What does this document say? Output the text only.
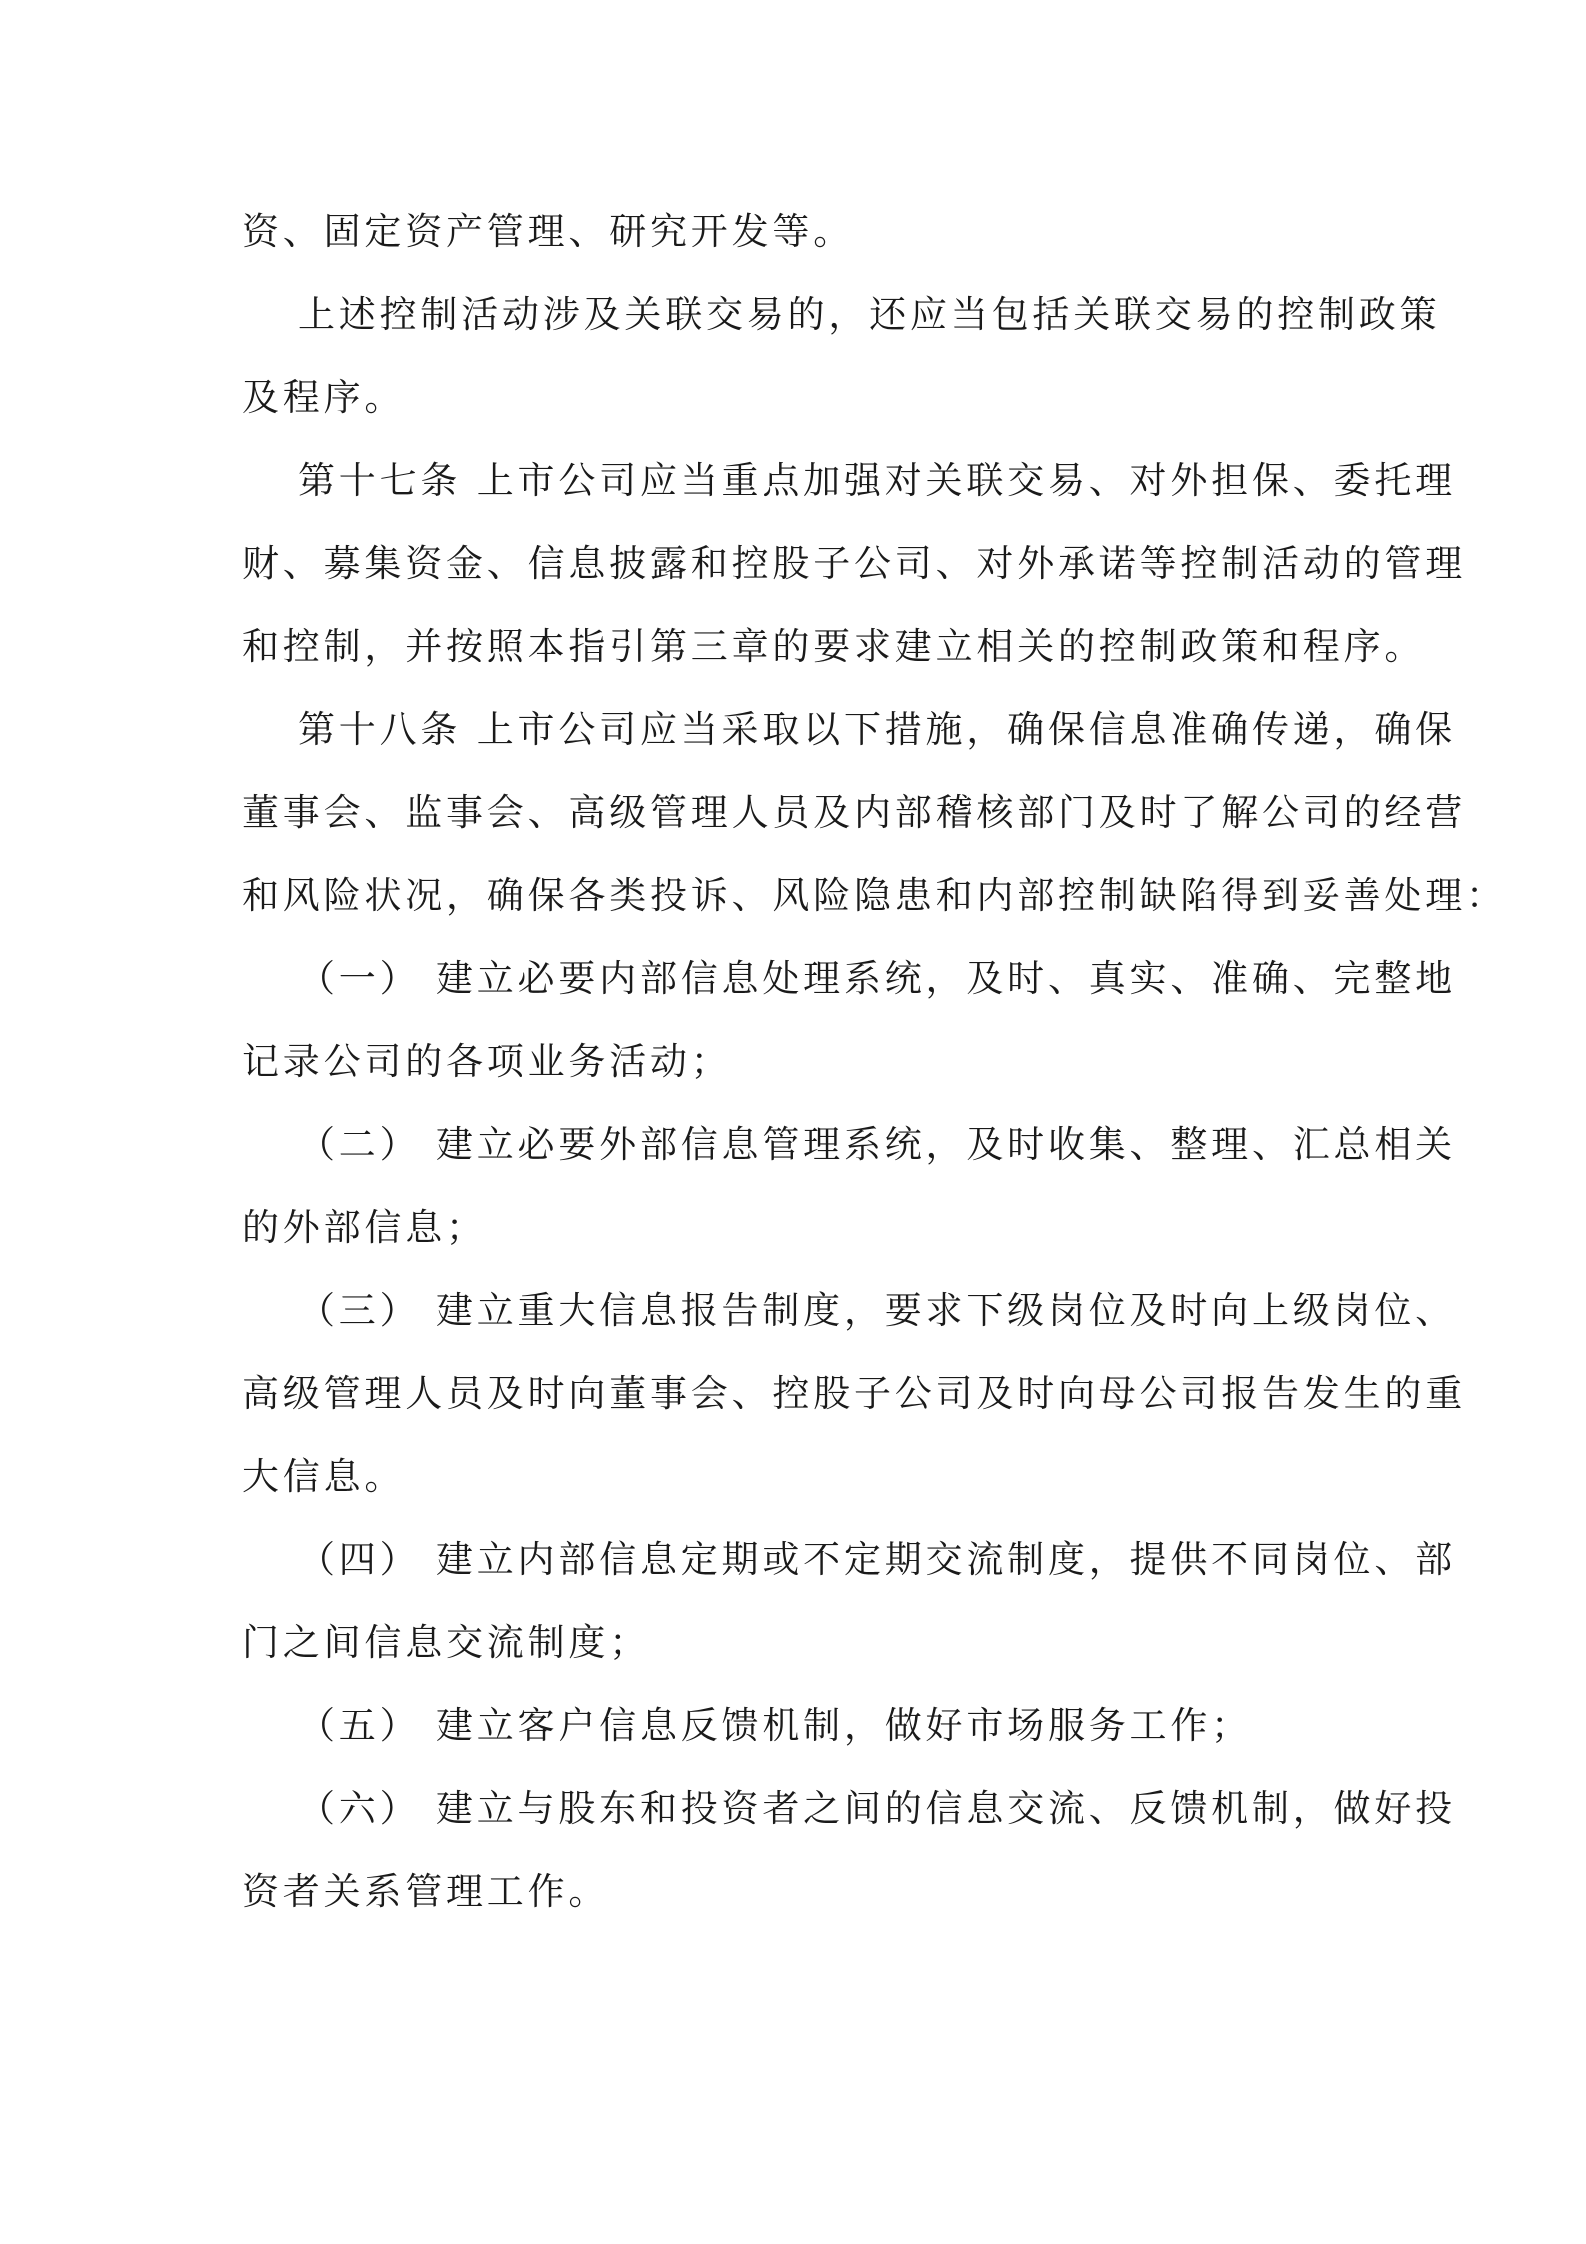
资、固定资产管理、研究开发等。
上述控制活动涉及关联交易的，还应当包括关联交易的控制政策
及程序。
第十七条 上市公司应当重点加强对关联交易、对外担保、委托理
财、募集资金、信息披露和控股子公司、对外承诺等控制活动的管理
和控制，并按照本指引第三章的要求建立相关的控制政策和程序。
第十八条 上市公司应当采取以下措施，确保信息准确传递，确保
董事会、监事会、高级管理人员及内部稽核部门及时了解公司的经营
和风险状况，确保各类投诉、风险隐患和内部控制缺陷得到妥善处理：
（一） 建立必要内部信息处理系统，及时、真实、准确、完整地
记录公司的各项业务活动；
（二） 建立必要外部信息管理系统，及时收集、整理、汇总相关
的外部信息；
（三） 建立重大信息报告制度，要求下级岗位及时向上级岗位、
高级管理人员及时向董事会、控股子公司及时向母公司报告发生的重
大信息。
（四） 建立内部信息定期或不定期交流制度，提供不同岗位、部
门之间信息交流制度；
（五） 建立客户信息反馈机制，做好市场服务工作；
（六） 建立与股东和投资者之间的信息交流、反馈机制，做好投
资者关系管理工作。
